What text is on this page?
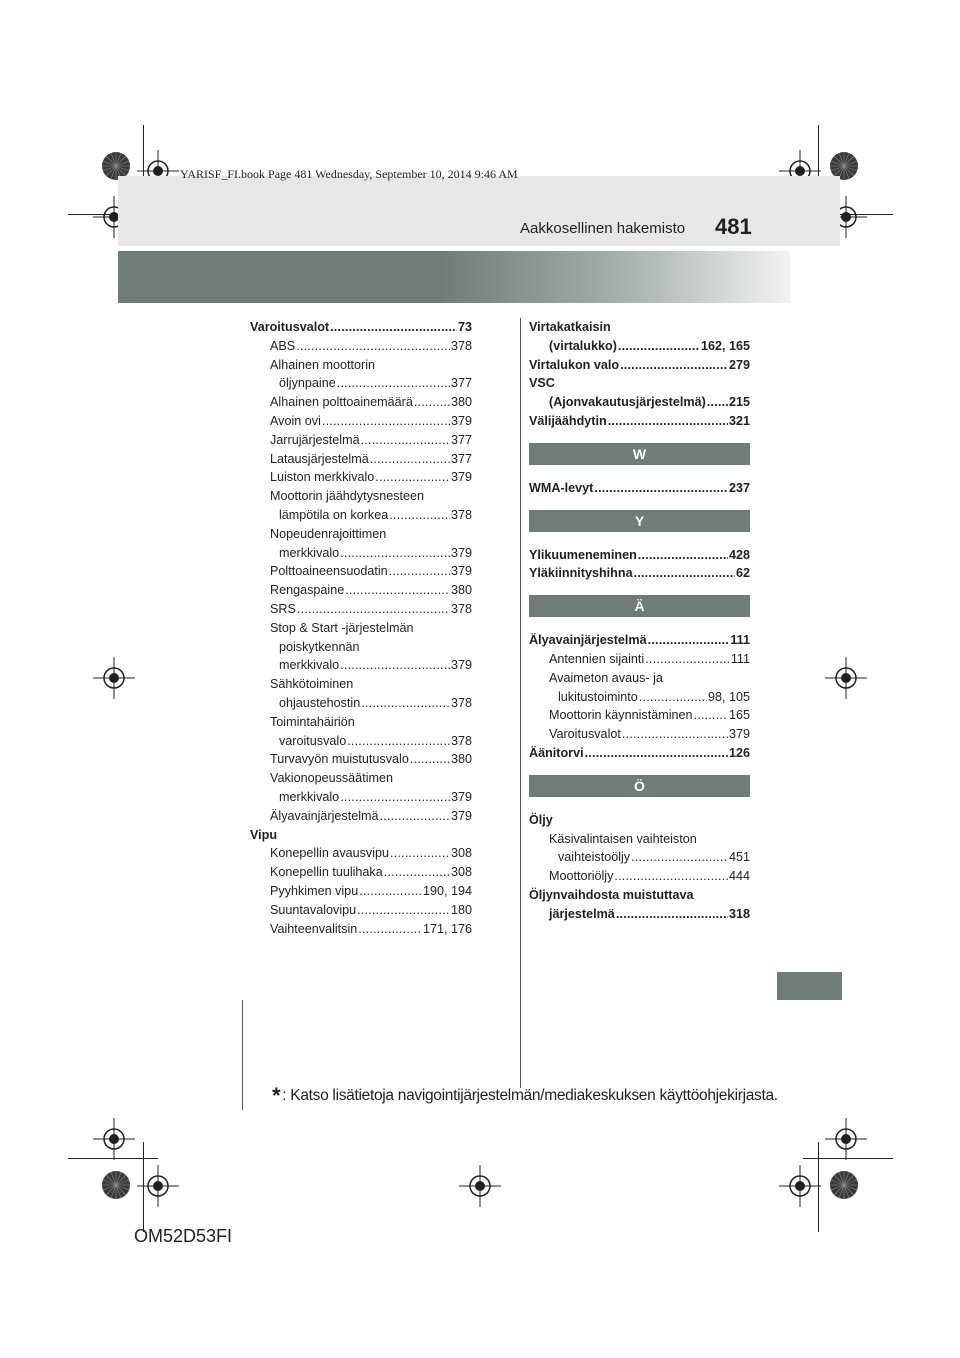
YARISF_FI.book Page 481 Wednesday, September 10, 2014 9:46 AM
Aakkosellinen hakemisto 481
Varoitusvalot .....	73
ABS .....	378
Alhainen moottorin
öljynpaine .....	377
Alhainen polttoainemäärä .....	380
Avoin ovi .....	379
Jarrujärjestelmä .....	377
Latausjärjestelmä .....	377
Luiston merkkivalo .....	379
Moottorin jäähdytysnesteen
lämpötila on korkea .....	378
Nopeudenrajoittimen
merkkivalo .....	379
Polttoaineensuodatin .....	379
Rengaspaine .....	380
SRS .....	378
Stop & Start -järjestelmän
poiskytkennän
merkkivalo .....	379
Sähkötoiminen
ohjaustehostin .....	378
Toimintahäiriön
varoitusvalo .....	378
Turvavyön muistutusvalo .....	380
Vakionopeussäätimen
merkkivalo .....	379
Älyavainjärjestelmä .....	379
Vipu
Konepellin avausvipu .....	308
Konepellin tuulihaka .....	308
Pyyhkimen vipu .....	190, 194
Suuntavalovipu .....	180
Vaihteenvalitsin .....	171, 176
Virtakatkaisin
(virtalukko) .....	162, 165
Virtalukon valo .....	279
VSC
(Ajonvakautusjärjestelmä) ..... 215
Välijäähdytin .....	321
W
WMA-levyt .....	237
Y
Ylikuumeneminen .....	428
Yläkiinnityshihna .....	62
Ä
Älyavainjärjestelmä .....	111
Antennien sijainti .....	111
Avaimeton avaus- ja
lukitustoiminto .....	98, 105
Moottorin käynnistäminen .....	165
Varoitusvalot .....	379
Äänitorvi .....	126
Ö
Öljy
Käsivalintaisen vaihteiston
vaihteistoöljy .....	451
Moottoriöljy .....	444
Öljynvaihdosta muistuttava
järjestelmä .....	318
* : Katso lisätietoja navigointijärjestelmän/mediakeskuksen käyttöohjekirjasta.
OM52D53FI
